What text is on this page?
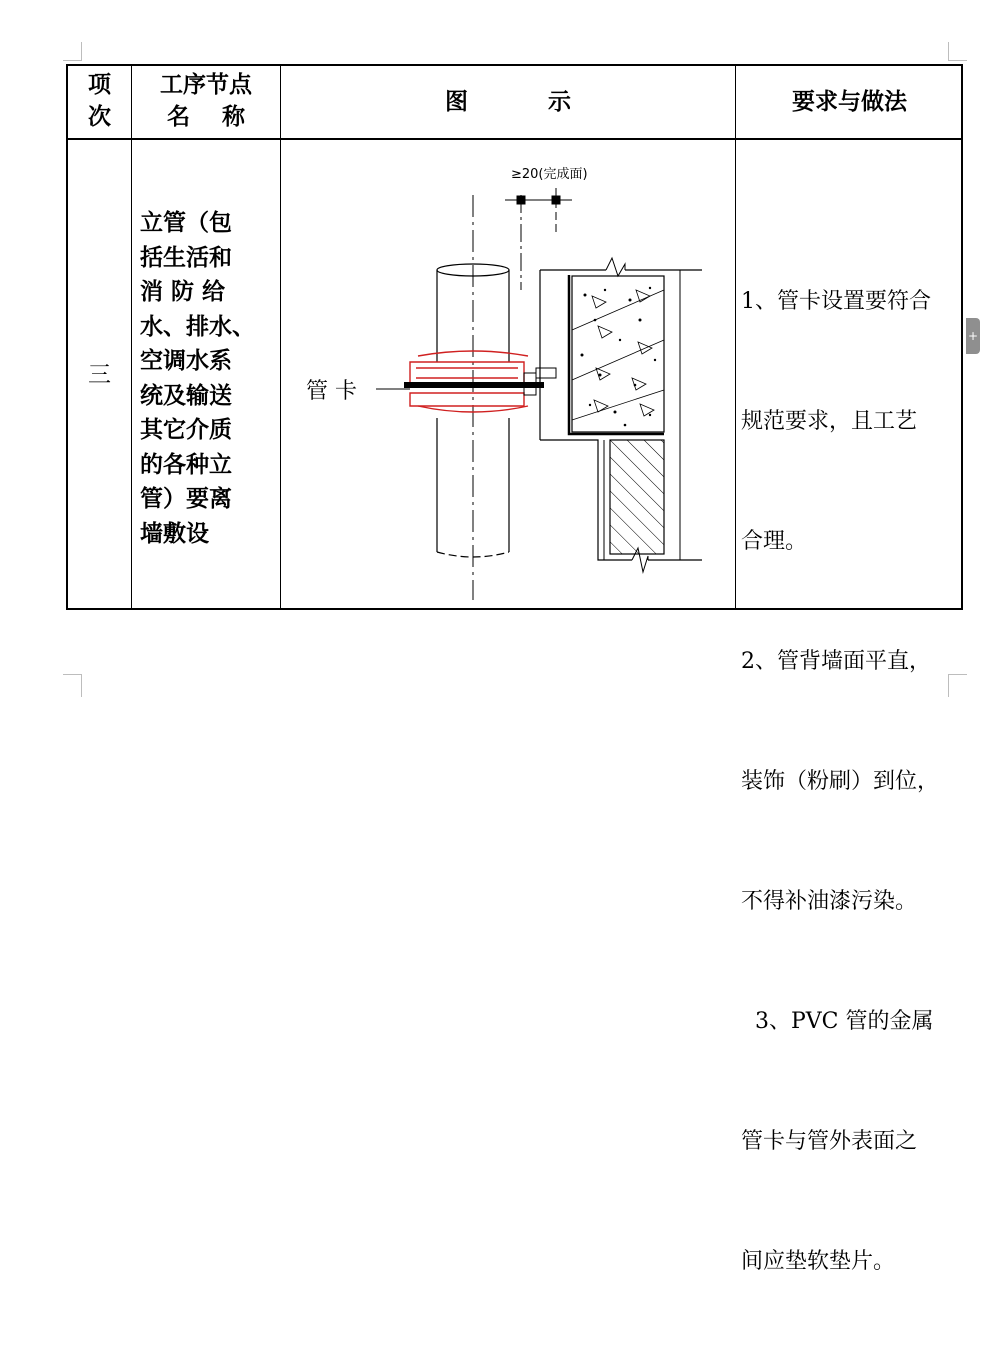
+
项
次
工序节点
名    称
图          示	要求与做法
三
立管（包
括生活和
消 防 给
水、排水、
空调水系
统及输送
其它介质
的各种立
管）要离
墙敷设

1、管卡设置要符合

规范要求，且工艺

合理。

2、管背墙面平直，

装饰（粉刷）到位，

不得补油漆污染。

3、PVC 管的金属

管卡与管外表面之

间应垫软垫片。

≥20(完成面)
管 卡
